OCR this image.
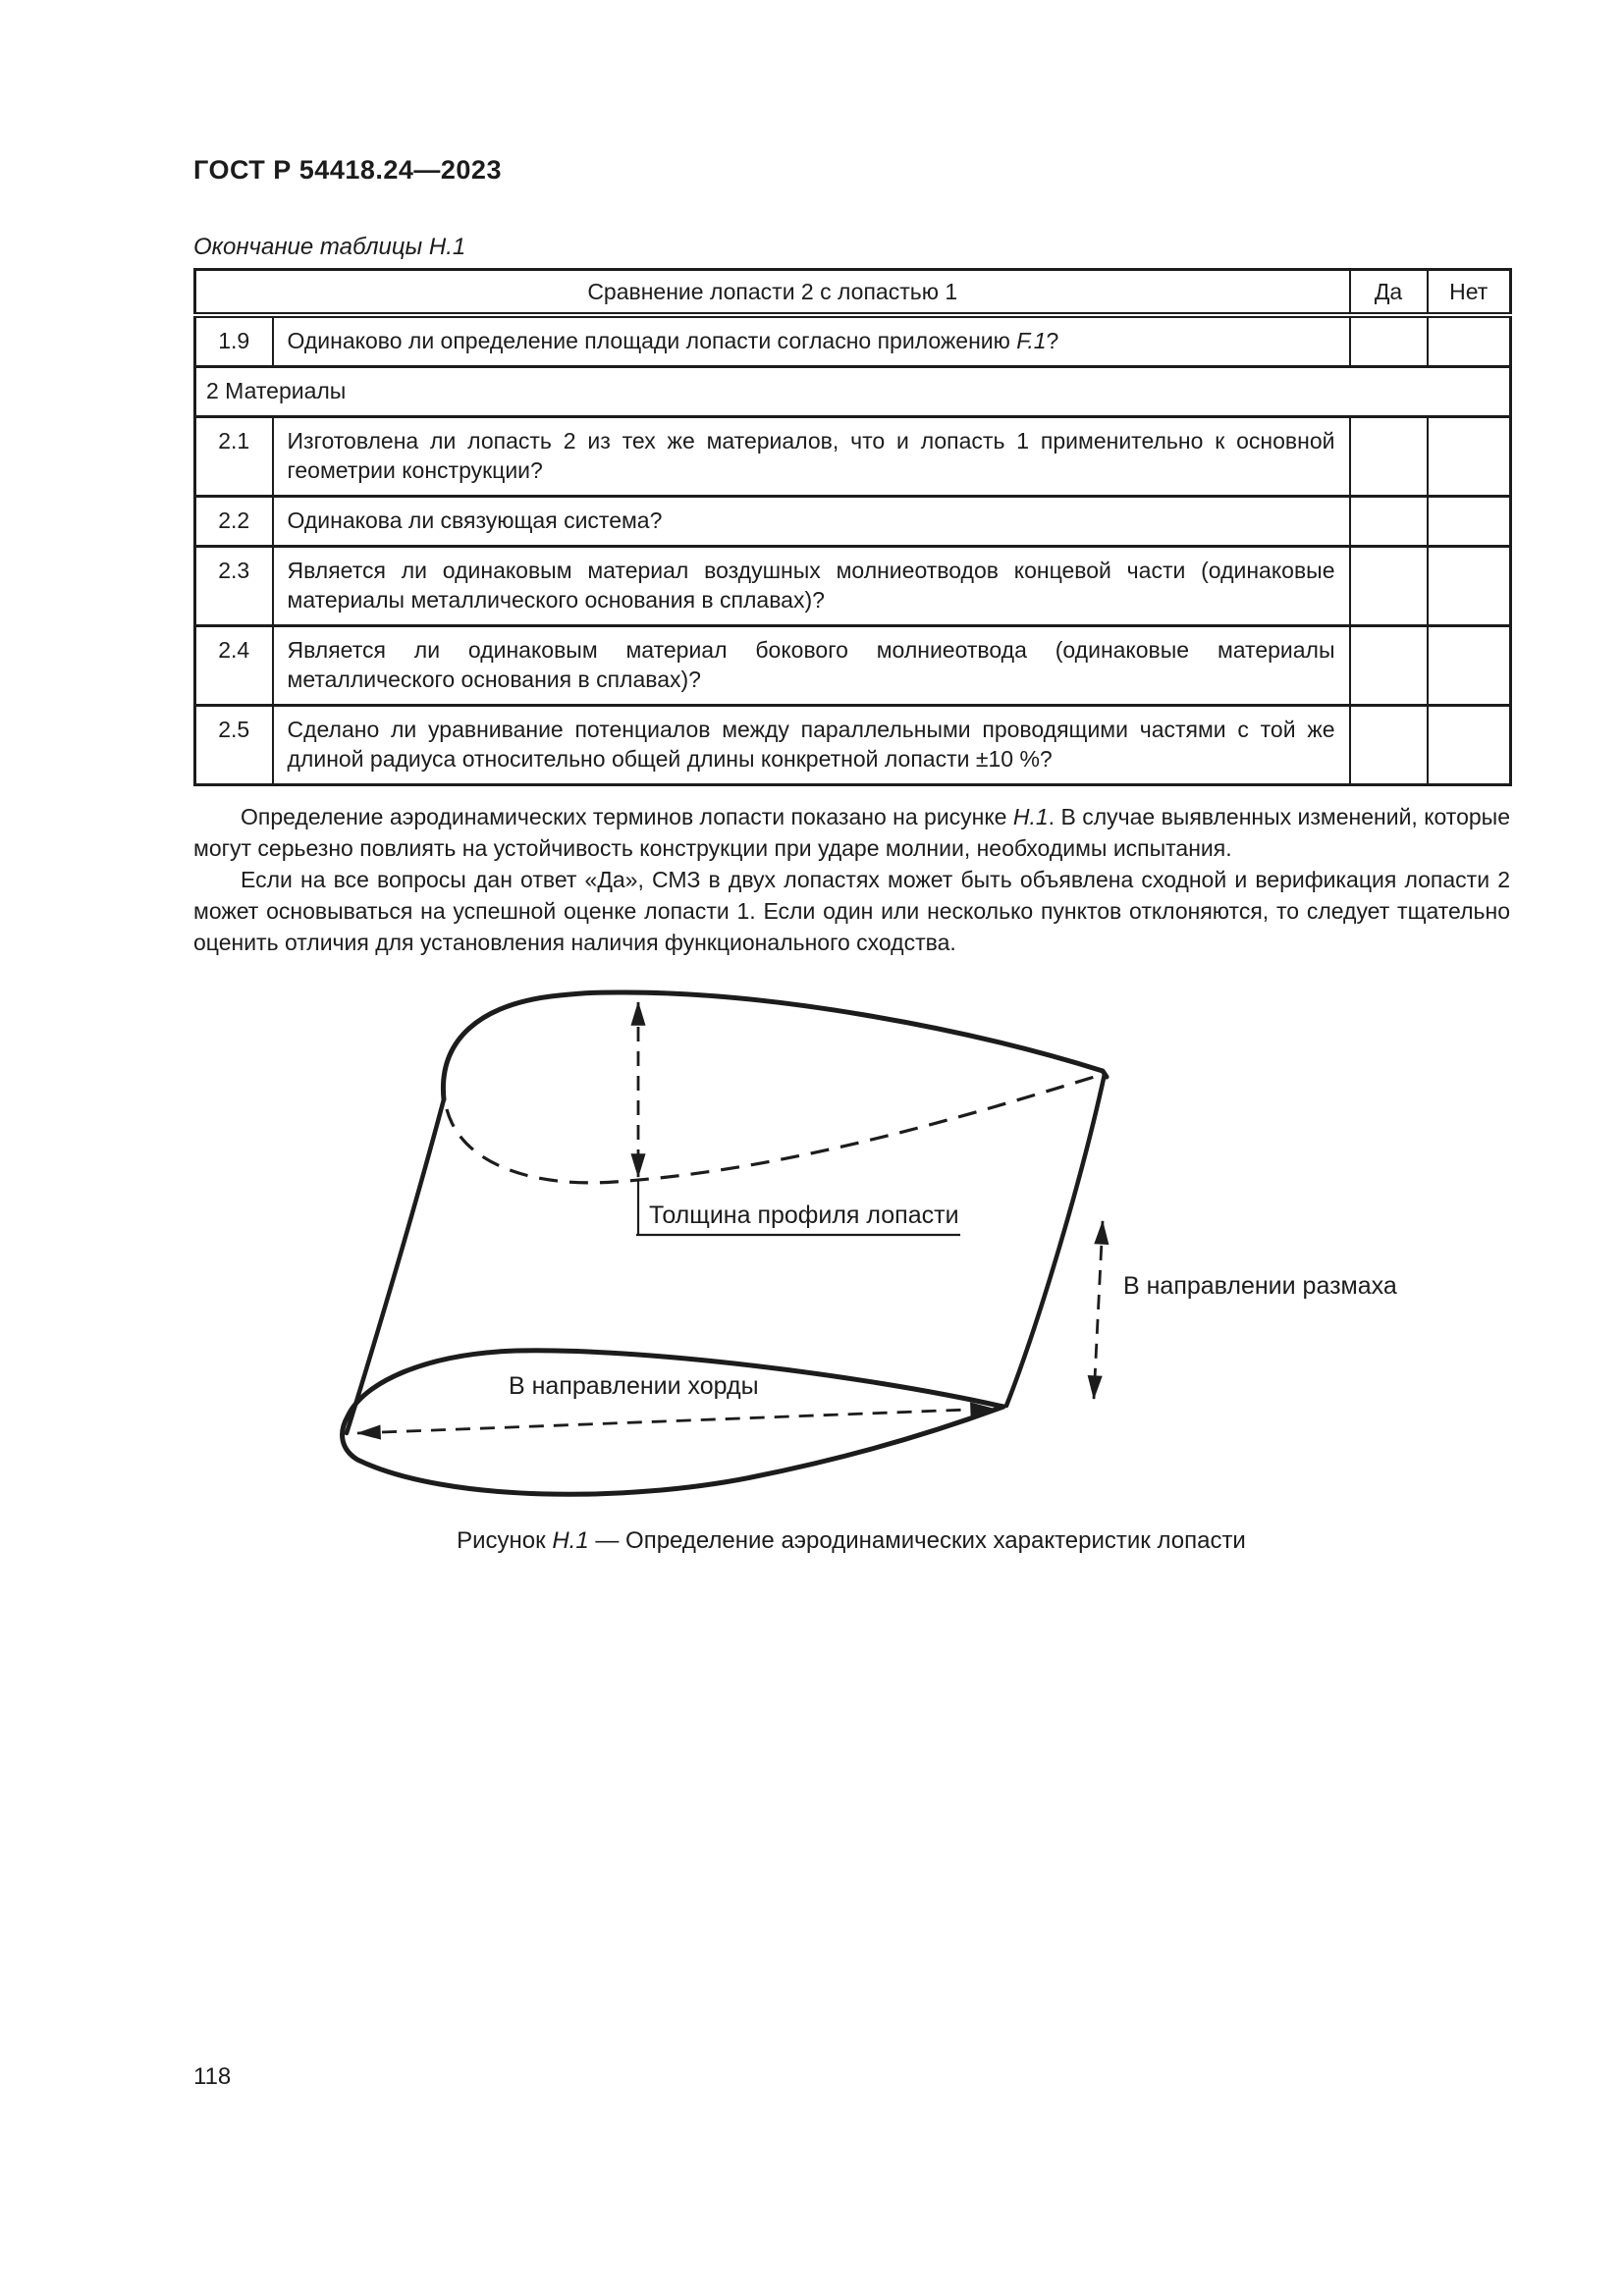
ГОСТ Р 54418.24—2023
Окончание таблицы Н.1
Сравнение лопасти 2 с лопастью 1		Да	Нет
1.9	Одинаково ли определение площади лопасти согласно приложению F.1?		
2 Материалы			
2.1	Изготовлена ли лопасть 2 из тех же материалов, что и лопасть 1 применительно к основной геометрии конструкции?		
2.2	Одинакова ли связующая система?		
2.3	Является ли одинаковым материал воздушных молниеотводов концевой части (одинаковые материалы металлического основания в сплавах)?		
2.4	Является ли одинаковым материал бокового молниеотвода (одинаковые материалы металлического основания в сплавах)?		
2.5	Сделано ли уравнивание потенциалов между параллельными проводящими частями с той же длиной радиуса относительно общей длины конкретной лопасти ±10 %?		

Определение аэродинамических терминов лопасти показано на рисунке Н.1. В случае выявленных изменений, которые могут серьезно повлиять на устойчивость конструкции при ударе молнии, необходимы испытания.

Если на все вопросы дан ответ «Да», СМЗ в двух лопастях может быть объявлена сходной и верификация лопасти 2 может основываться на успешной оценке лопасти 1. Если один или несколько пунктов отклоняются, то следует тщательно оценить отличия для установления наличия функционального сходства.

Толщина профиля лопасти
В направлении хорды
В направлении размаха
Рисунок Н.1 — Определение аэродинамических характеристик лопасти
118
